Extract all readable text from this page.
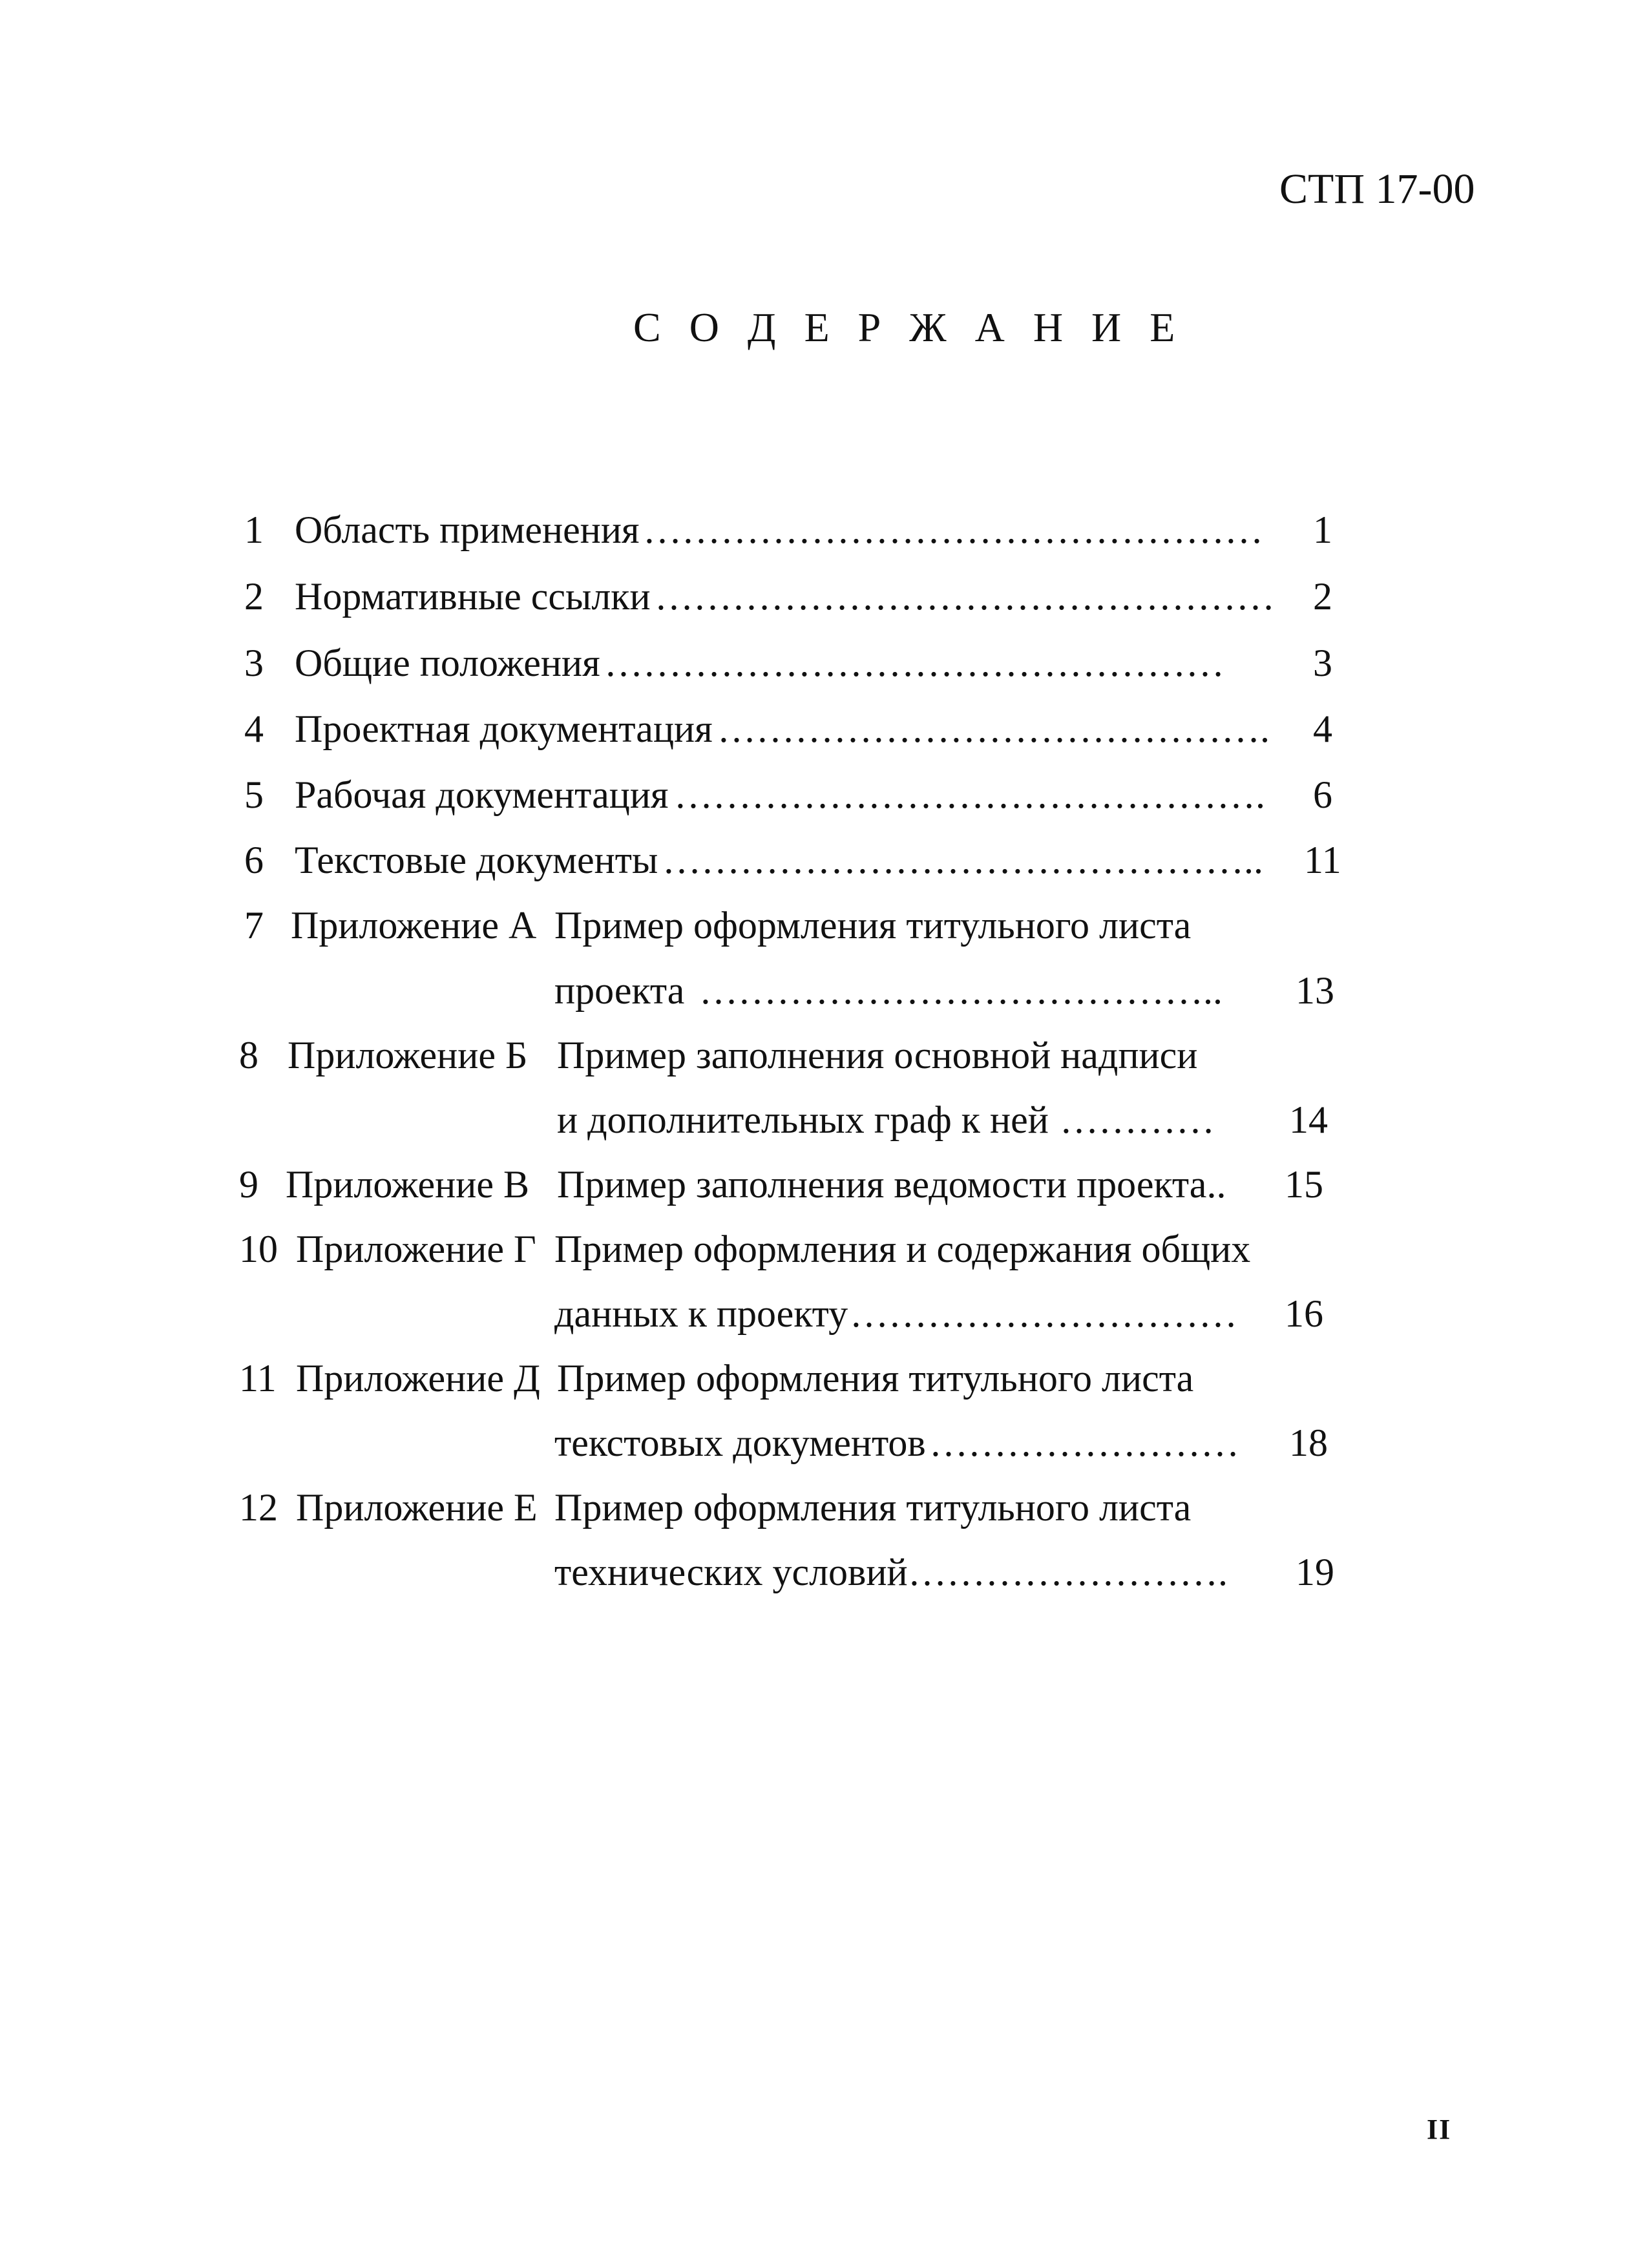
СТП 17-00
С О Д Е Р Ж А Н И Е
1 Область применения ………………………………………… 1
2 Нормативные ссылки ………………………………………… 2
3 Общие положения ………………………………………… 3
4 Проектная документация ……………………………………. 4
5 Рабочая документация ………………………………………. 6
6 Текстовые документы ……………………………………….. 11
7 Приложение А Пример оформления титульного листа
проекта ………………………………….. 13
8 Приложение Б Пример заполнения основной надписи
и дополнительных граф к ней ………… 14
9 Приложение В Пример заполнения ведомости проекта.. 15
10 Приложение Г Пример оформления и содержания общих
данных к проекту ………………………… 16
11 Приложение Д Пример оформления титульного листа
текстовых документов …………………… 18
12 Приложение Е Пример оформления титульного листа
технических условий ……………………. 19
II
